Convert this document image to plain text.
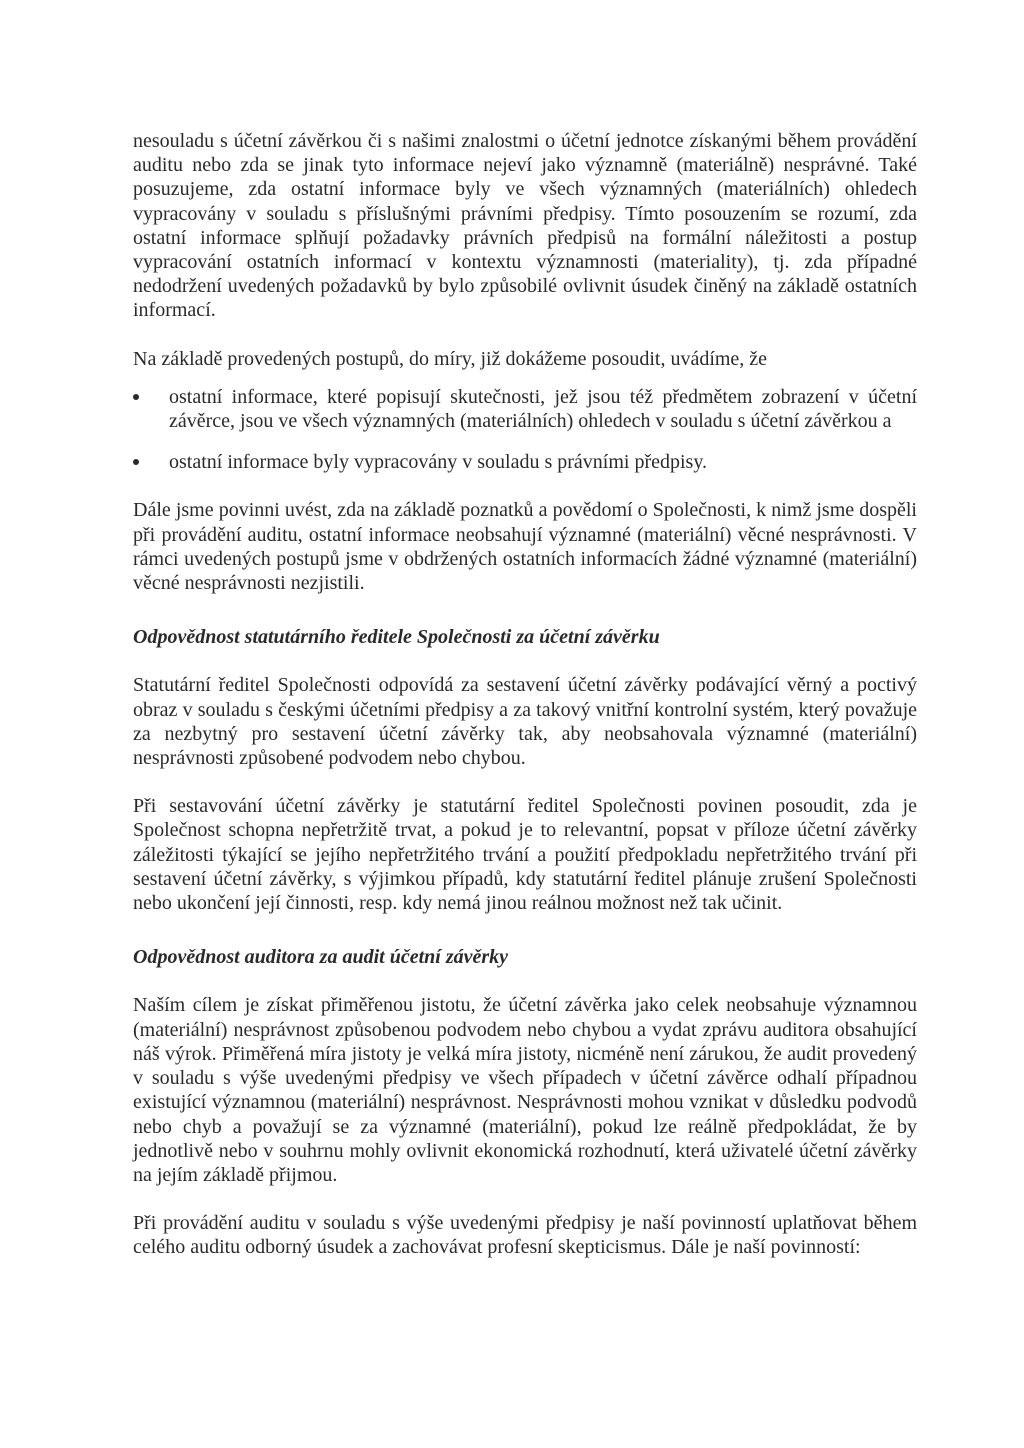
nesouladu s účetní závěrkou či s našimi znalostmi o účetní jednotce získanými během provádění auditu nebo zda se jinak tyto informace nejeví jako významně (materiálně) nesprávné. Také posuzujeme, zda ostatní informace byly ve všech významných (materiálních) ohledech vypracovány v souladu s příslušnými právními předpisy. Tímto posouzením se rozumí, zda ostatní informace splňují požadavky právních předpisů na formální náležitosti a postup vypracování ostatních informací v kontextu významnosti (materiality), tj. zda případné nedodržení uvedených požadavků by bylo způsobilé ovlivnit úsudek činěný na základě ostatních informací.

Na základě provedených postupů, do míry, již dokážeme posoudit, uvádíme, že

ostatní informace, které popisují skutečnosti, jež jsou též předmětem zobrazení v účetní závěrce, jsou ve všech významných (materiálních) ohledech v souladu s účetní závěrkou a
ostatní informace byly vypracovány v souladu s právními předpisy.

Dále jsme povinni uvést, zda na základě poznatků a povědomí o Společnosti, k nimž jsme dospěli při provádění auditu, ostatní informace neobsahují významné (materiální) věcné nesprávnosti. V rámci uvedených postupů jsme v obdržených ostatních informacích žádné významné (materiální) věcné nesprávnosti nezjistili.

Odpovědnost statutárního ředitele Společnosti za účetní závěrku

Statutární ředitel Společnosti odpovídá za sestavení účetní závěrky podávající věrný a poctivý obraz v souladu s českými účetními předpisy a za takový vnitřní kontrolní systém, který považuje za nezbytný pro sestavení účetní závěrky tak, aby neobsahovala významné (materiální) nesprávnosti způsobené podvodem nebo chybou.

Při sestavování účetní závěrky je statutární ředitel Společnosti povinen posoudit, zda je Společnost schopna nepřetržitě trvat, a pokud je to relevantní, popsat v příloze účetní závěrky záležitosti týkající se jejího nepřetržitého trvání a použití předpokladu nepřetržitého trvání při sestavení účetní závěrky, s výjimkou případů, kdy statutární ředitel plánuje zrušení Společnosti nebo ukončení její činnosti, resp. kdy nemá jinou reálnou možnost než tak učinit.

Odpovědnost auditora za audit účetní závěrky

Naším cílem je získat přiměřenou jistotu, že účetní závěrka jako celek neobsahuje významnou (materiální) nesprávnost způsobenou podvodem nebo chybou a vydat zprávu auditora obsahující náš výrok. Přiměřená míra jistoty je velká míra jistoty, nicméně není zárukou, že audit provedený v souladu s výše uvedenými předpisy ve všech případech v účetní závěrce odhalí případnou existující významnou (materiální) nesprávnost. Nesprávnosti mohou vznikat v důsledku podvodů nebo chyb a považují se za významné (materiální), pokud lze reálně předpokládat, že by jednotlivě nebo v souhrnu mohly ovlivnit ekonomická rozhodnutí, která uživatelé účetní závěrky na jejím základě přijmou.

Při provádění auditu v souladu s výše uvedenými předpisy je naší povinností uplatňovat během celého auditu odborný úsudek a zachovávat profesní skepticismus. Dále je naší povinností:
